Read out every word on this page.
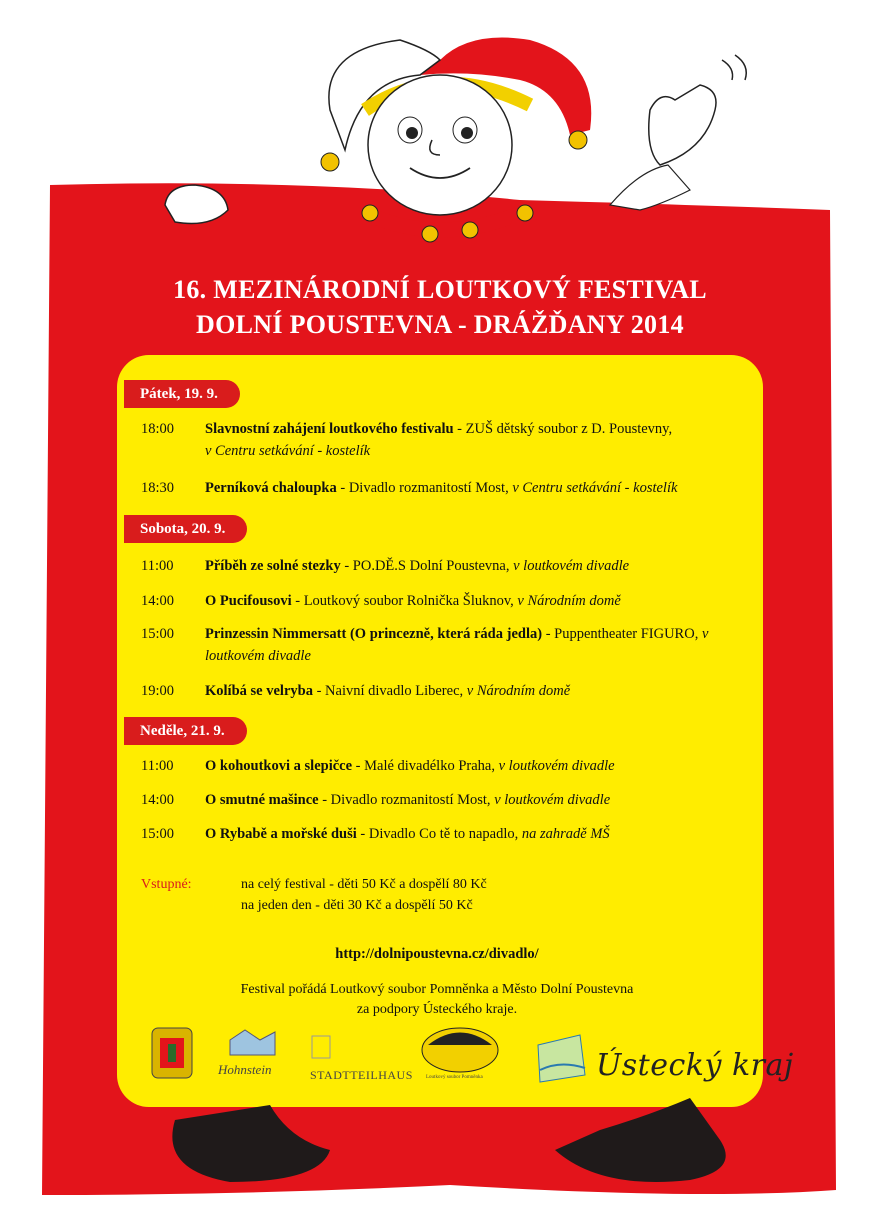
16. MEZINÁRODNÍ LOUTKOVÝ FESTIVAL
DOLNÍ POUSTEVNA - DRÁŽĎANY 2014
Pátek, 19. 9.
18:00	Slavnostní zahájení loutkového festivalu - ZUŠ dětský soubor z D. Poustevny,
v Centru setkávání - kostelík
18:30	Perníková chaloupka - Divadlo rozmanitostí Most, v Centru setkávání - kostelík
Sobota, 20. 9.
11:00	Příběh ze solné stezky - PO.DĚ.S Dolní Poustevna, v loutkovém divadle
14:00	O Pucifousovi - Loutkový soubor Rolnička Šluknov, v Národním domě
15:00	Prinzessin Nimmersatt (O princezně, která ráda jedla) - Puppentheater FIGURO, v loutkovém divadle
19:00	Kolíbá se velryba - Naivní divadlo Liberec, v Národním domě
Neděle, 21. 9.
11:00	O kohoutkovi a slepičce - Malé divadélko Praha, v loutkovém divadle
14:00	O smutné mašince - Divadlo rozmanitostí Most, v loutkovém divadle
15:00	O Rybabě a mořské duši - Divadlo Co tě to napadlo, na zahradě MŠ
Vstupné:	na celý festival - děti 50 Kč a dospělí 80 Kč
na jeden den - děti 30 Kč a dospělí 50 Kč
http://dolnipoustevna.cz/divadlo/
Festival pořádá Loutkový soubor Pomněnka a Město Dolní Poustevna
za podpory Ústeckého kraje.
Hohnstein	STADTTEILHAUS	Loutkový soubor Pomněnka	Ústecký kraj
